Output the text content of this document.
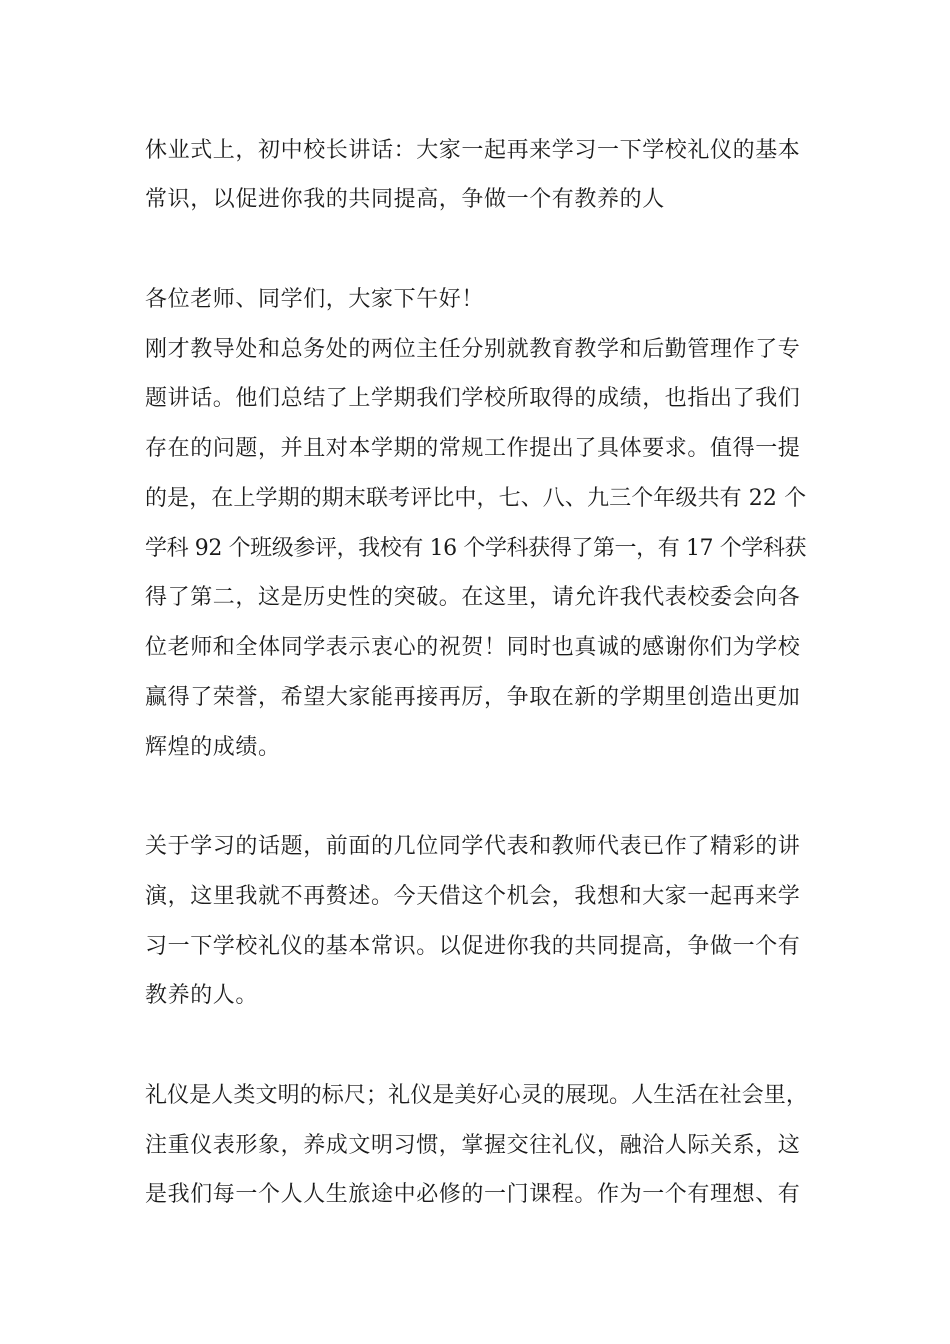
休业式上，初中校长讲话：大家一起再来学习一下学校礼仪的基本
常识，以促进你我的共同提高，争做一个有教养的人
各位老师、同学们，大家下午好！
刚才教导处和总务处的两位主任分别就教育教学和后勤管理作了专
题讲话。他们总结了上学期我们学校所取得的成绩，也指出了我们
存在的问题，并且对本学期的常规工作提出了具体要求。值得一提
的是，在上学期的期末联考评比中，七、八、九三个年级共有 22 个
学科 92 个班级参评，我校有 16 个学科获得了第一，有 17 个学科获
得了第二，这是历史性的突破。在这里，请允许我代表校委会向各
位老师和全体同学表示衷心的祝贺！同时也真诚的感谢你们为学校
赢得了荣誉，希望大家能再接再厉，争取在新的学期里创造出更加
辉煌的成绩。
关于学习的话题，前面的几位同学代表和教师代表已作了精彩的讲
演，这里我就不再赘述。今天借这个机会，我想和大家一起再来学
习一下学校礼仪的基本常识。以促进你我的共同提高，争做一个有
教养的人。
礼仪是人类文明的标尺；礼仪是美好心灵的展现。人生活在社会里，
注重仪表形象，养成文明习惯，掌握交往礼仪，融洽人际关系，这
是我们每一个人人生旅途中必修的一门课程。作为一个有理想、有
